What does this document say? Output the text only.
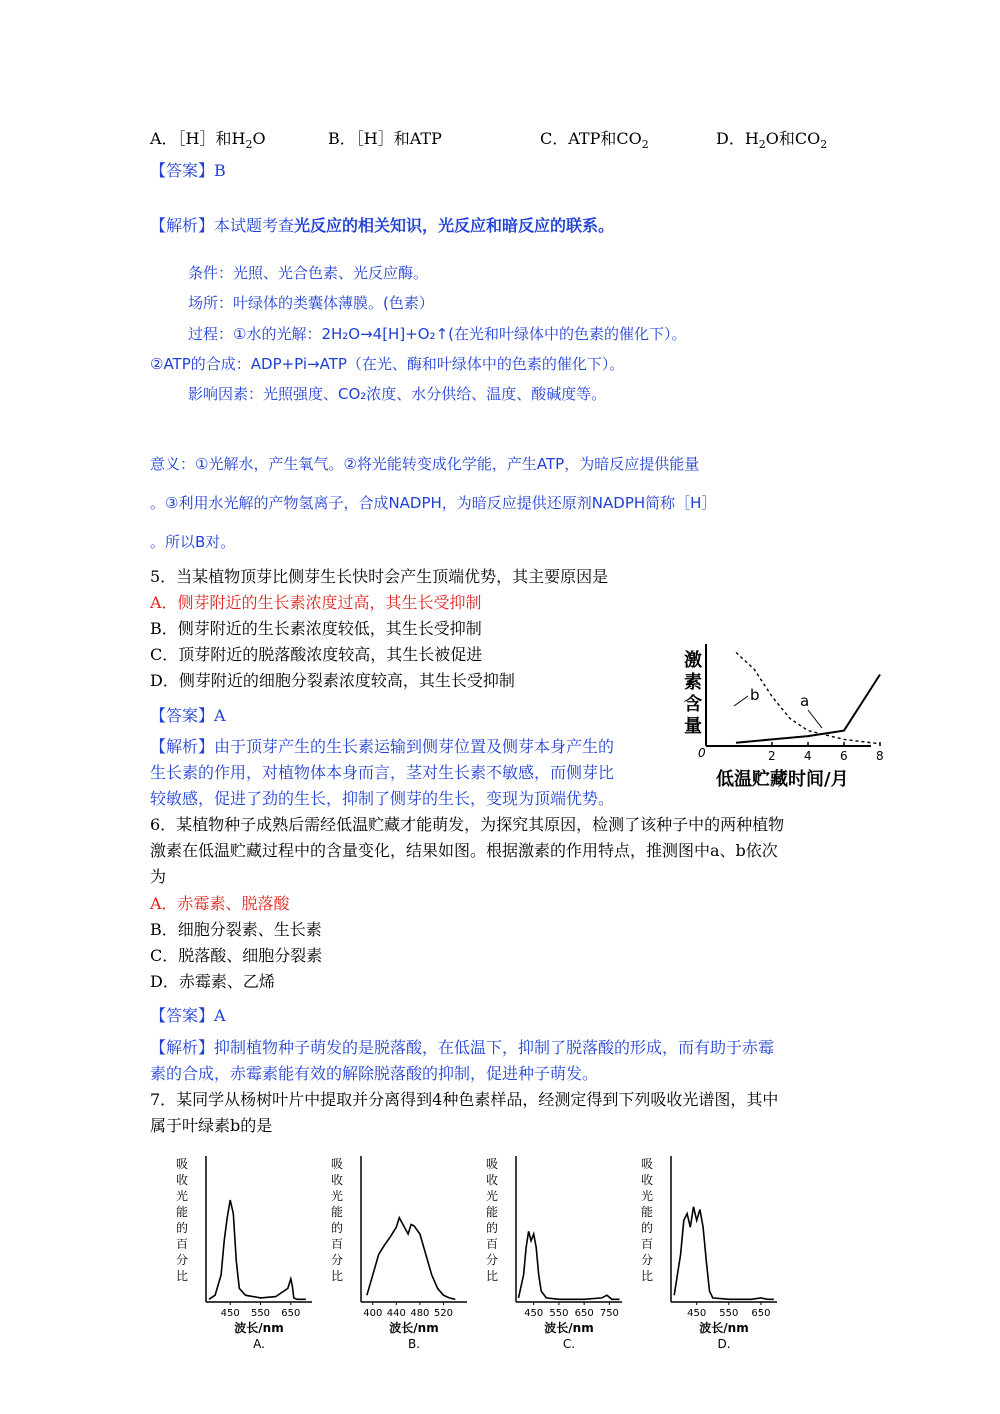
A．［H］和$H_2O$	B．［H］和ATP	C．ATP和$CO_2$	D．$H_2O$和$CO_2$
【答案】B
【解析】本试题考查光反应的相关知识，光反应和暗反应的联系。
条件：光照、光合色素、光反应酶。
场所：叶绿体的类囊体薄膜。(色素）
过程：①水的光解：2H₂O→4[H]+O₂↑(在光和叶绿体中的色素的催化下）。
②ATP的合成：ADP+Pi→ATP（在光、酶和叶绿体中的色素的催化下）。
影响因素：光照强度、CO₂浓度、水分供给、温度、酸碱度等。
意义：①光解水，产生氧气。②将光能转变成化学能，产生ATP，为暗反应提供能量
。③利用水光解的产物氢离子，合成NADPH，为暗反应提供还原剂NADPH简称［H］
。所以B对。
5．当某植物顶芽比侧芽生长快时会产生顶端优势，其主要原因是
A．侧芽附近的生长素浓度过高，其生长受抑制
B．侧芽附近的生长素浓度较低，其生长受抑制
C．顶芽附近的脱落酸浓度较高，其生长被促进
D．侧芽附近的细胞分裂素浓度较高，其生长受抑制
【答案】A
【解析】由于顶芽产生的生长素运输到侧芽位置及侧芽本身产生的
生长素的作用，对植物体本身而言，茎对生长素不敏感，而侧芽比
较敏感，促进了劲的生长，抑制了侧芽的生长，变现为顶端优势。
激
素
含
量
0	2 4 6 8
a
b
低温贮藏时间/月
6．某植物种子成熟后需经低温贮藏才能萌发，为探究其原因，检测了该种子中的两种植物
激素在低温贮藏过程中的含量变化，结果如图。根据激素的作用特点，推测图中a、b依次
为
A．赤霉素、脱落酸
B．细胞分裂素、生长素
C．脱落酸、细胞分裂素
D．赤霉素、乙烯
【答案】A
【解析】抑制植物种子萌发的是脱落酸，在低温下，抑制了脱落酸的形成，而有助于赤霉
素的合成，赤霉素能有效的解除脱落酸的抑制，促进种子萌发。
7．某同学从杨树叶片中提取并分离得到4种色素样品，经测定得到下列吸收光谱图，其中
属于叶绿素b的是
吸
收
光
能
的
百
分
比
450 550 650
波长/nm
A.
吸
收
光
能
的
百
分
比
400 440 480 520
波长/nm
B.
吸
收
光
能
的
百
分
比
450 550 650 750
波长/nm
C.
吸
收
光
能
的
百
分
比
450 550 650
波长/nm
D.
